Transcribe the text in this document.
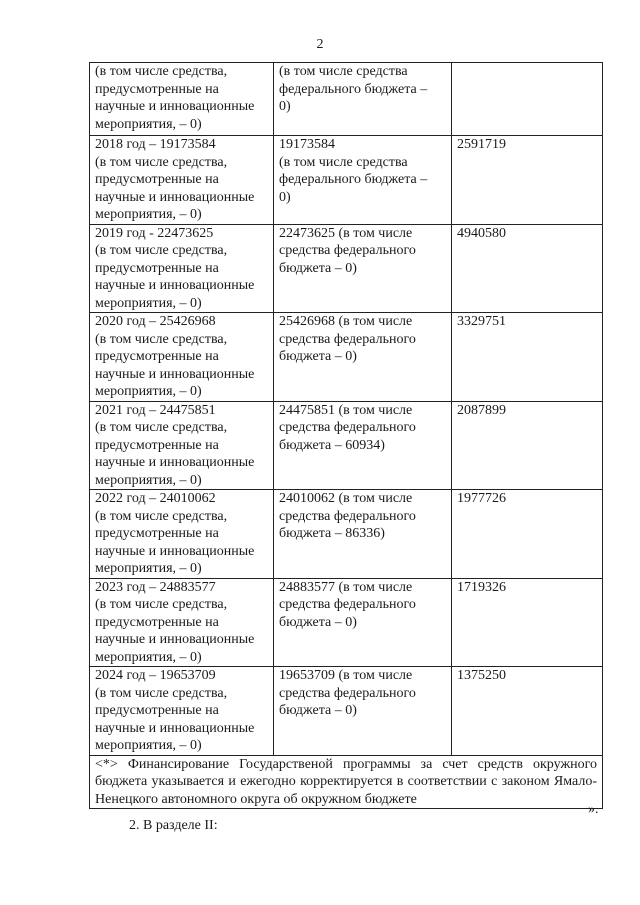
2
(в том числе средства,
предусмотренные на
научные и инновационные
мероприятия, – 0)	(в том числе средства
федерального бюджета –
0)	

2018 год – 19173584
(в том числе средства,
предусмотренные на
научные и инновационные
мероприятия, – 0)	19173584
(в том числе средства
федерального бюджета –
0)	2591719

2019 год - 22473625
(в том числе средства,
предусмотренные на
научные и инновационные
мероприятия, – 0)	22473625 (в том числе
средства федерального
бюджета – 0)	4940580

2020 год – 25426968
(в том числе средства,
предусмотренные на
научные и инновационные
мероприятия, – 0)	25426968 (в том числе
средства федерального
бюджета – 0)	3329751

2021 год – 24475851
(в том числе средства,
предусмотренные на
научные и инновационные
мероприятия, – 0)	24475851 (в том числе
средства федерального
бюджета – 60934)	2087899

2022 год – 24010062
(в том числе средства,
предусмотренные на
научные и инновационные
мероприятия, – 0)	24010062 (в том числе
средства федерального
бюджета – 86336)	1977726

2023 год – 24883577
(в том числе средства,
предусмотренные на
научные и инновационные
мероприятия, – 0)	24883577 (в том числе
средства федерального
бюджета – 0)	1719326

2024 год – 19653709
(в том числе средства,
предусмотренные на
научные и инновационные
мероприятия, – 0)	19653709 (в том числе
средства федерального
бюджета – 0)	1375250

<*> Финансирование Государственой программы за счет средств окружного бюджета указывается и ежегодно корректируется в соответствии с законом Ямало-Ненецкого автономного округа об окружном бюджете		
».
2. В разделе II:
